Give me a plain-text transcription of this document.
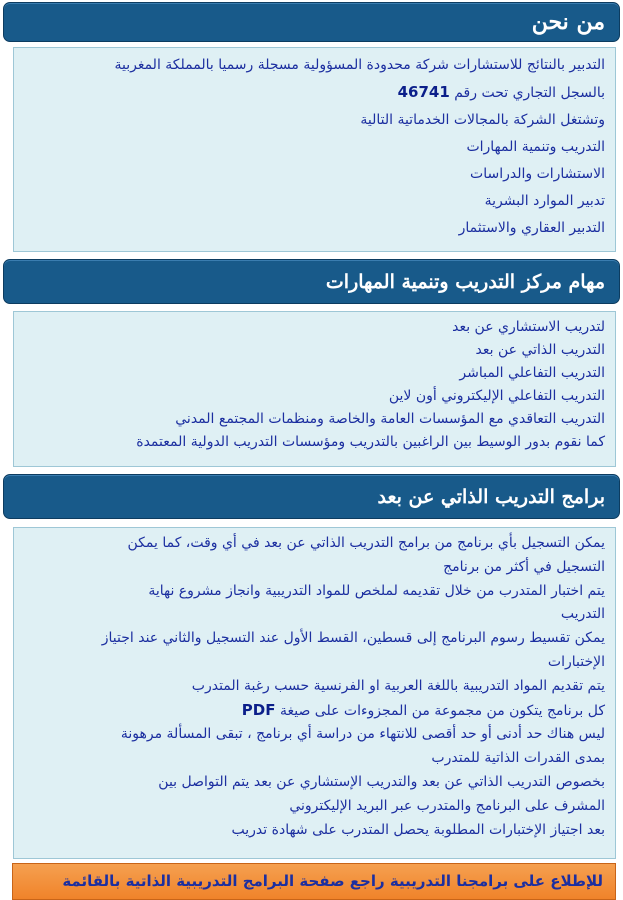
من نحن
التدبير بالنتائج للاستشارات شركة محدودة المسؤولية مسجلة رسميا بالمملكة المغربية
بالسجل التجاري تحت رقم 46741
وتشتغل الشركة بالمجالات الخدماتية التالية
التدريب وتنمية المهارات
الاستشارات والدراسات
تدبير الموارد البشرية
التدبير العقاري والاستثمار
مهام مركز التدريب وتنمية المهارات
لتدريب الاستشاري عن بعد
التدريب الذاتي عن بعد
التدريب التفاعلي المباشر
التدريب التفاعلي الإليكتروني أون لاين
التدريب التعاقدي مع المؤسسات العامة والخاصة ومنظمات المجتمع المدني
كما نقوم بدور الوسيط بين الراغبين بالتدريب ومؤسسات التدريب الدولية المعتمدة
برامج التدريب الذاتي عن بعد
يمكن التسجيل بأي برنامج من برامج التدريب الذاتي عن بعد في أي وقت، كما يمكن
التسجيل في أكثر من برنامج
يتم اختبار المتدرب من خلال تقديمه لملخص للمواد التدريبية وانجاز مشروع نهاية
التدريب
يمكن تقسيط رسوم البرنامج إلى قسطين، القسط الأول عند التسجيل والثاني عند اجتياز
الإختبارات
يتم تقديم المواد التدريبية باللغة العربية او الفرنسية حسب رغبة المتدرب
كل برنامج يتكون من مجموعة من المجزوءات على صيغة PDF
ليس هناك حد أدنى أو حد أقصى للانتهاء من دراسة أي برنامج ، تبقى المسألة مرهونة
بمدى القدرات الذاتية للمتدرب
بخصوص التدريب الذاتي عن بعد والتدريب الإستشاري عن بعد يتم التواصل بين
المشرف على البرنامج والمتدرب عبر البريد الإليكتروني
بعد اجتياز الإختبارات المطلوبة يحصل المتدرب على شهادة تدريب
للإطلاع على برامجنا التدريبية راجع صفحة البرامج التدريبية الذاتية بالقائمة
